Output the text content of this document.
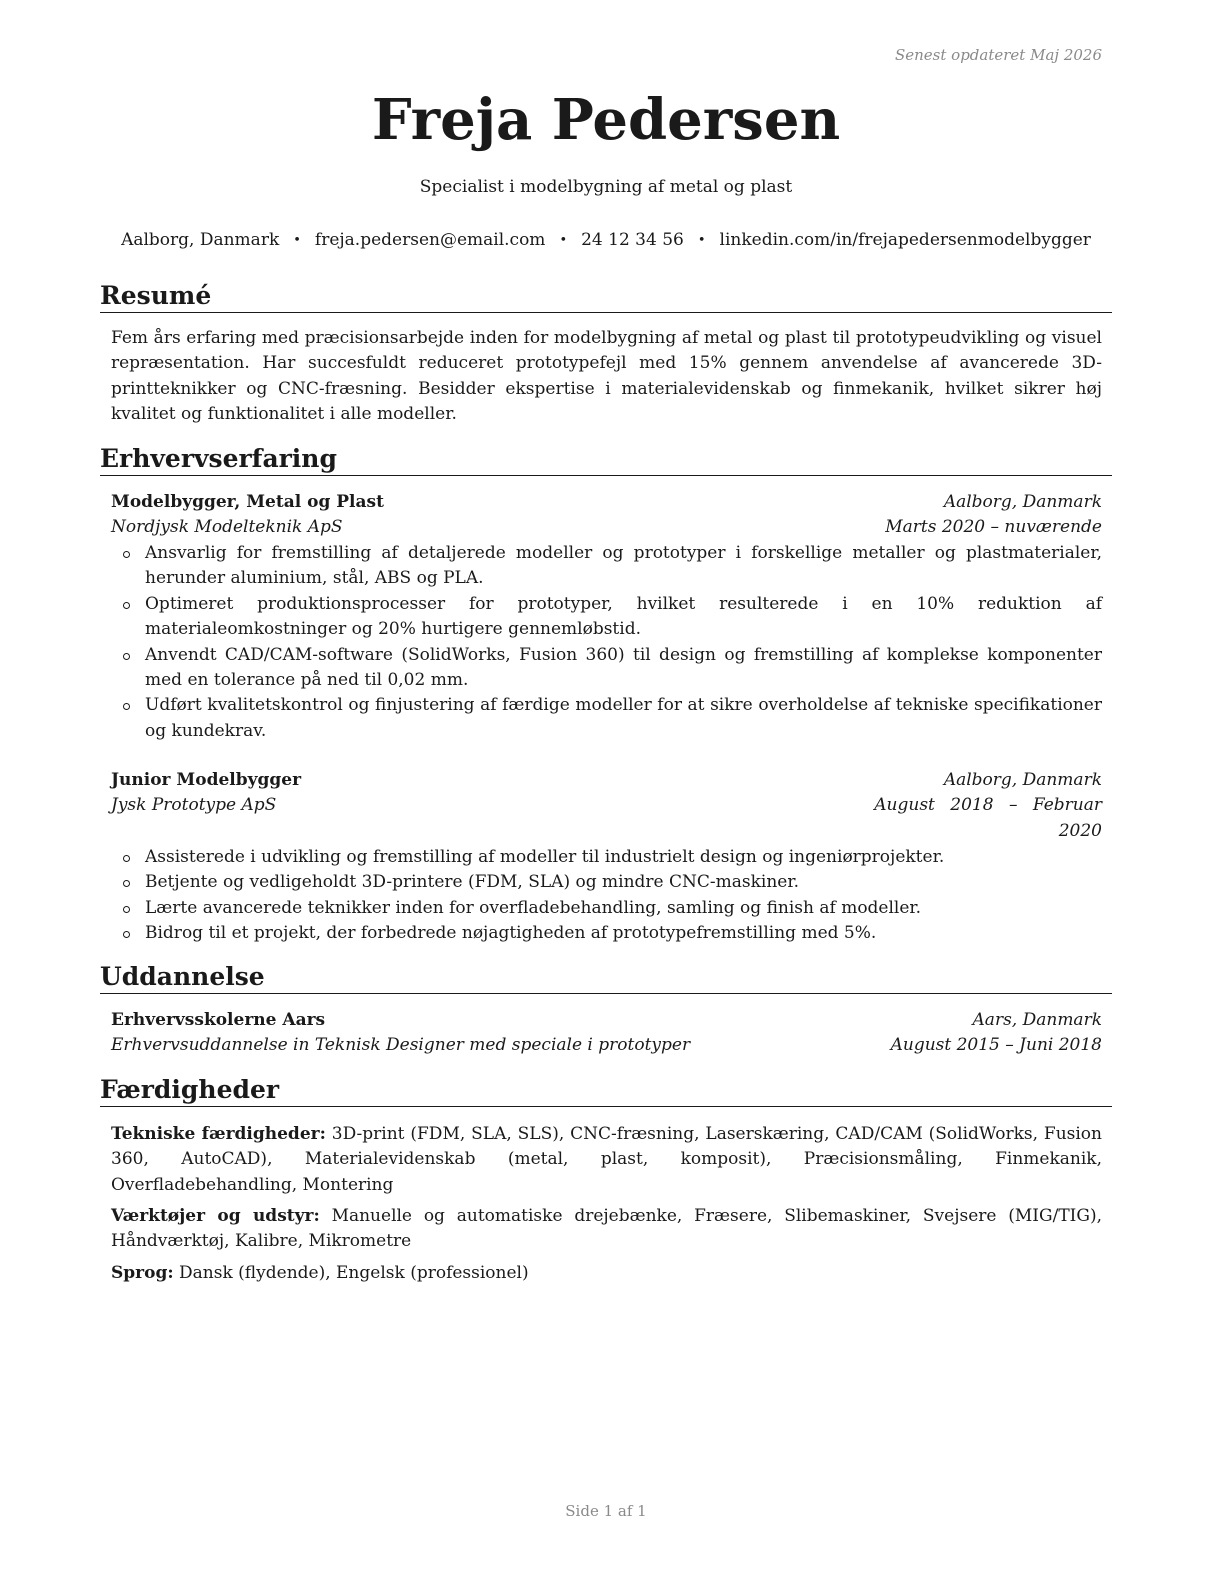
Senest opdateret Maj 2026
Freja Pedersen
Specialist i modelbygning af metal og plast
Aalborg, Danmark • freja.pedersen@email.com • 24 12 34 56 • linkedin.com/in/frejapedersenmodelbygger
Resumé
Fem års erfaring med præcisionsarbejde inden for modelbygning af metal og plast til prototypeudvikling og visuel repræsentation. Har succesfuldt reduceret prototypefejl med 15% gennem anvendelse af avancerede 3D-printteknikker og CNC-fræsning. Besidder ekspertise i materialevidenskab og finmekanik, hvilket sikrer høj kvalitet og funktionalitet i alle modeller.
Erhvervserfaring
Modelbygger, Metal og Plast	Aalborg, Danmark
Nordjysk Modelteknik ApS	Marts 2020 – nuværende
Ansvarlig for fremstilling af detaljerede modeller og prototyper i forskellige metaller og plastmaterialer, herunder aluminium, stål, ABS og PLA.
Optimeret produktionsprocesser for prototyper, hvilket resulterede i en 10% reduktion af materialeomkostninger og 20% hurtigere gennemløbstid.
Anvendt CAD/CAM-software (SolidWorks, Fusion 360) til design og fremstilling af komplekse komponenter med en tolerance på ned til 0,02 mm.
Udført kvalitetskontrol og finjustering af færdige modeller for at sikre overholdelse af tekniske specifikationer og kundekrav.
Junior Modelbygger	Aalborg, Danmark
Jysk Prototype ApS	August 2018 – Februar
2020
Assisterede i udvikling og fremstilling af modeller til industrielt design og ingeniørprojekter.
Betjente og vedligeholdt 3D-printere (FDM, SLA) og mindre CNC-maskiner.
Lærte avancerede teknikker inden for overfladebehandling, samling og finish af modeller.
Bidrog til et projekt, der forbedrede nøjagtigheden af prototypefremstilling med 5%.
Uddannelse
Erhvervsskolerne Aars	Aars, Danmark
Erhvervsuddannelse in Teknisk Designer med speciale i prototyper	August 2015 – Juni 2018
Færdigheder
Tekniske færdigheder: 3D-print (FDM, SLA, SLS), CNC-fræsning, Laserskæring, CAD/CAM (SolidWorks, Fusion 360, AutoCAD), Materialevidenskab (metal, plast, komposit), Præcisionsmåling, Finmekanik, Overfladebehandling, Montering
Værktøjer og udstyr: Manuelle og automatiske drejebænke, Fræsere, Slibemaskiner, Svejsere (MIG/TIG), Håndværktøj, Kalibre, Mikrometre
Sprog: Dansk (flydende), Engelsk (professionel)
Side 1 af 1
